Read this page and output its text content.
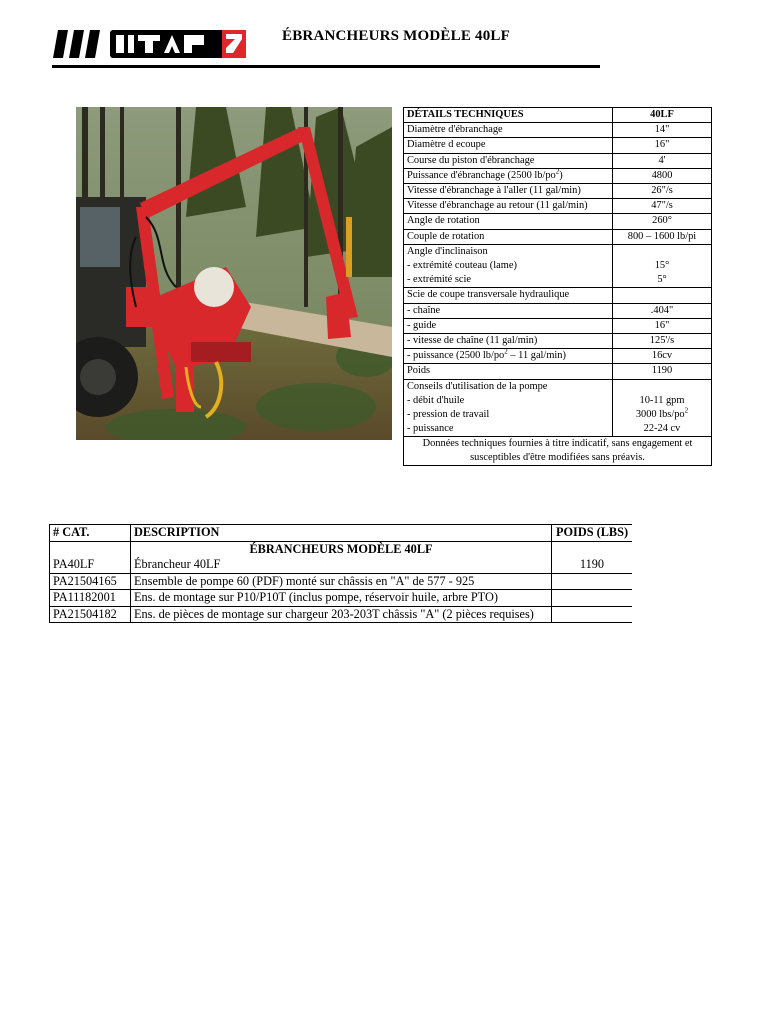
ÉBRANCHEURS MODÈLE 40LF
DÉTAILS TECHNIQUES	40LF
Diamètre d'ébranchage	14"
Diamètre d ecoupe	16"
Course du piston d'ébranchage	4'
Puissance d'ébranchage (2500 $lb/po^2$)	4800
Vitesse d'ébranchage à l'aller (11 gal/min)	26"/s
Vitesse d'ébranchage au retour (11 gal/min)	47"/s
Angle de rotation	260°
Couple de rotation	800 – 1600 lb/pi
Angle d'inclinaison	
- extrémité couteau (lame)	15°
- extrémité scie	5°
Scie de coupe transversale hydraulique	
- chaîne	.404"
- guide	16"
- vitesse de chaîne (11 gal/min)	125'/s
- puissance (2500 $lb/po^2 - 11$ gal/min)	16cv
Poids	1190
Conseils d'utilisation de la pompe	
- débit d'huile	10-11 gpm
- pression de travail	3000 lbs/$po^2$
- puissance	22-24 cv
Données techniques fournies à titre indicatif, sans engagement et susceptibles d'être modifiées sans préavis.	
# CAT.	DESCRIPTION	POIDS (LBS)
	ÉBRANCHEURS MODÈLE 40LF	
PA40LF	Ébrancheur 40LF	1190
PA21504165	Ensemble de pompe 60 (PDF) monté sur châssis en "A" de 577 - 925	
PA11182001	Ens. de montage sur P10/P10T (inclus pompe, réservoir huile, arbre PTO)	
PA21504182	Ens. de pièces de montage sur chargeur 203-203T châssis "A" (2 pièces requises)	
